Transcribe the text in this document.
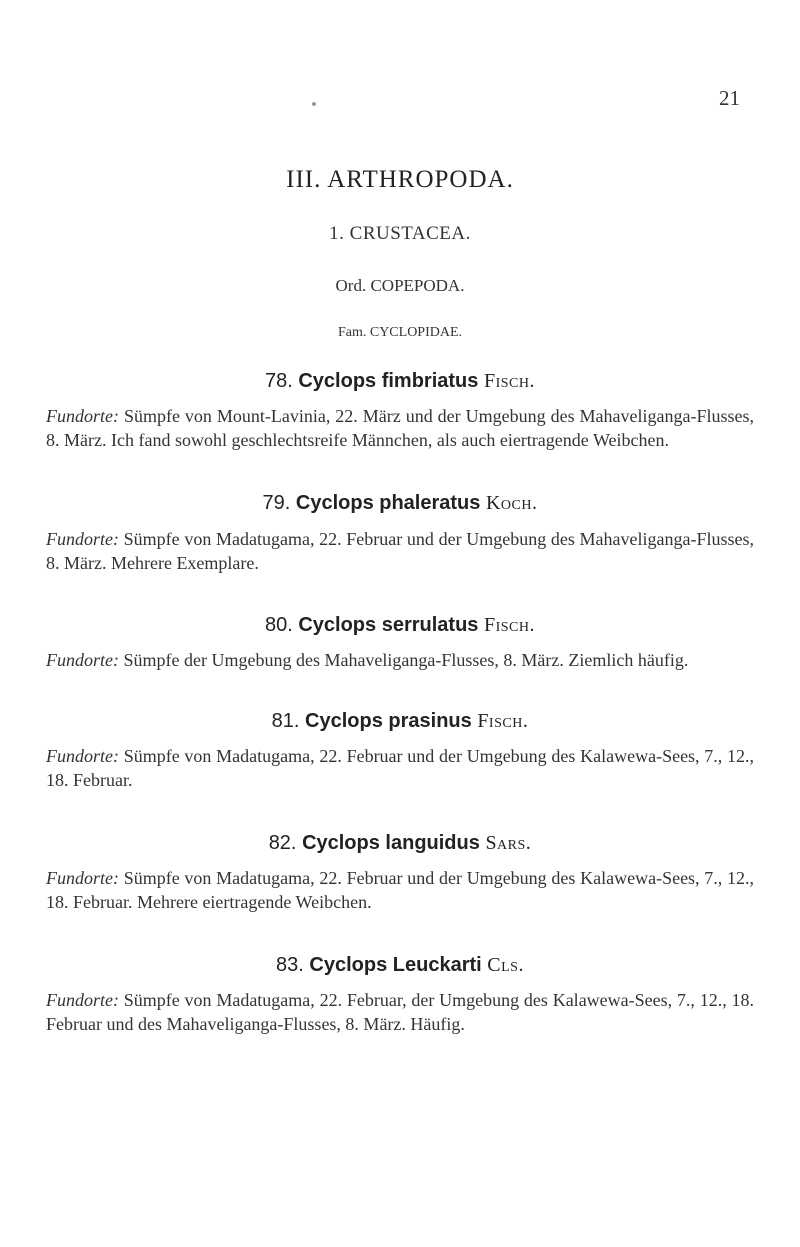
21
III. ARTHROPODA.
1. CRUSTACEA.
Ord. COPEPODA.
Fam. CYCLOPIDAE.
78. Cyclops fimbriatus Fisch.
Fundorte: Sümpfe von Mount-Lavinia, 22. März und der Umgebung des Mahaveliganga-Flusses, 8. März. Ich fand sowohl geschlechtsreife Männchen, als auch eiertragende Weibchen.
79. Cyclops phaleratus Koch.
Fundorte: Sümpfe von Madatugama, 22. Februar und der Umgebung des Mahaveliganga-Flusses, 8. März. Mehrere Exemplare.
80. Cyclops serrulatus Fisch.
Fundorte: Sümpfe der Umgebung des Mahaveliganga-Flusses, 8. März. Ziemlich häufig.
81. Cyclops prasinus Fisch.
Fundorte: Sümpfe von Madatugama, 22. Februar und der Umgebung des Kalawewa-Sees, 7., 12., 18. Februar.
82. Cyclops languidus Sars.
Fundorte: Sümpfe von Madatugama, 22. Februar und der Umgebung des Kalawewa-Sees, 7., 12., 18. Februar. Mehrere eiertragende Weibchen.
83. Cyclops Leuckarti Cls.
Fundorte: Sümpfe von Madatugama, 22. Februar, der Umgebung des Kalawewa-Sees, 7., 12., 18. Februar und des Mahaveliganga-Flusses, 8. März. Häufig.
